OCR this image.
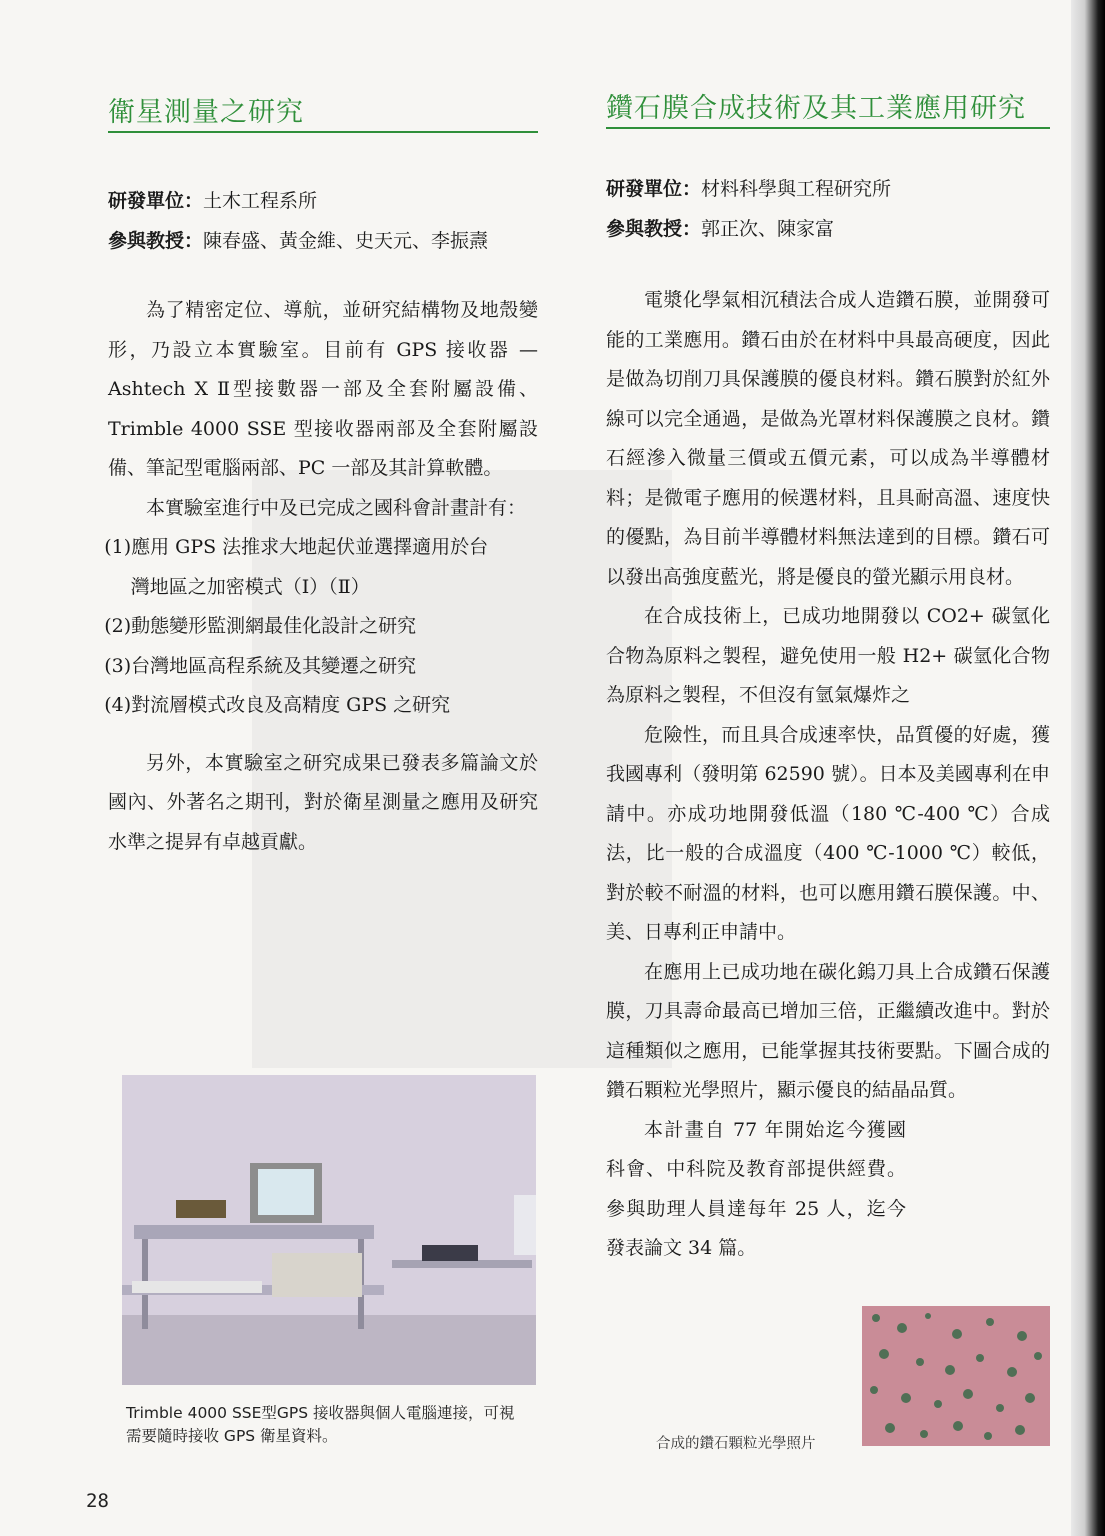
衛星測量之研究
研發單位：土木工程系所
參與教授：陳春盛、黃金維、史天元、李振燾

為了精密定位、導航，並研究結構物及地殼變形，乃設立本實驗室。目前有 GPS 接收器 — Ashtech X Ⅱ型接數器一部及全套附屬設備、Trimble 4000 SSE 型接收器兩部及全套附屬設備、筆記型電腦兩部、PC 一部及其計算軟體。

本實驗室進行中及已完成之國科會計畫計有：

(1)應用 GPS 法推求大地起伏並選擇適用於台
灣地區之加密模式（Ⅰ）（Ⅱ）
(2)動態變形監測網最佳化設計之研究
(3)台灣地區高程系統及其變遷之研究
(4)對流層模式改良及高精度 GPS 之研究

另外，本實驗室之研究成果已發表多篇論文於國內、外著名之期刊，對於衛星測量之應用及研究水準之提昇有卓越貢獻。

Trimble 4000 SSE型GPS 接收器與個人電腦連接，可視需要隨時接收 GPS 衛星資料。
鑽石膜合成技術及其工業應用研究
研發單位：材料科學與工程研究所
參與教授：郭正次、陳家富

電漿化學氣相沉積法合成人造鑽石膜，並開發可能的工業應用。鑽石由於在材料中具最高硬度，因此是做為切削刀具保護膜的優良材料。鑽石膜對於紅外線可以完全通過，是做為光罩材料保護膜之良材。鑽石經滲入微量三價或五價元素，可以成為半導體材料；是微電子應用的候選材料，且具耐高溫、速度快的優點，為目前半導體材料無法達到的目標。鑽石可以發出高強度藍光，將是優良的螢光顯示用良材。

在合成技術上，已成功地開發以 CO2+ 碳氫化合物為原料之製程，避免使用一般 H2+ 碳氫化合物為原料之製程，不但沒有氫氣爆炸之

危險性，而且具合成速率快，品質優的好處，獲我國專利（發明第 62590 號）。日本及美國專利在申請中。亦成功地開發低溫（180 ℃-400 ℃）合成法，比一般的合成溫度（400 ℃-1000 ℃）較低，對於較不耐溫的材料，也可以應用鑽石膜保護。中、美、日專利正申請中。

在應用上已成功地在碳化鎢刀具上合成鑽石保護膜，刀具壽命最高已增加三倍，正繼續改進中。對於這種類似之應用，已能掌握其技術要點。下圖合成的鑽石顆粒光學照片，顯示優良的結晶品質。

本計畫自 77 年開始迄今獲國科會、中科院及教育部提供經費。參與助理人員達每年 25 人，迄今發表論文 34 篇。

合成的鑽石顆粒光學照片
28
